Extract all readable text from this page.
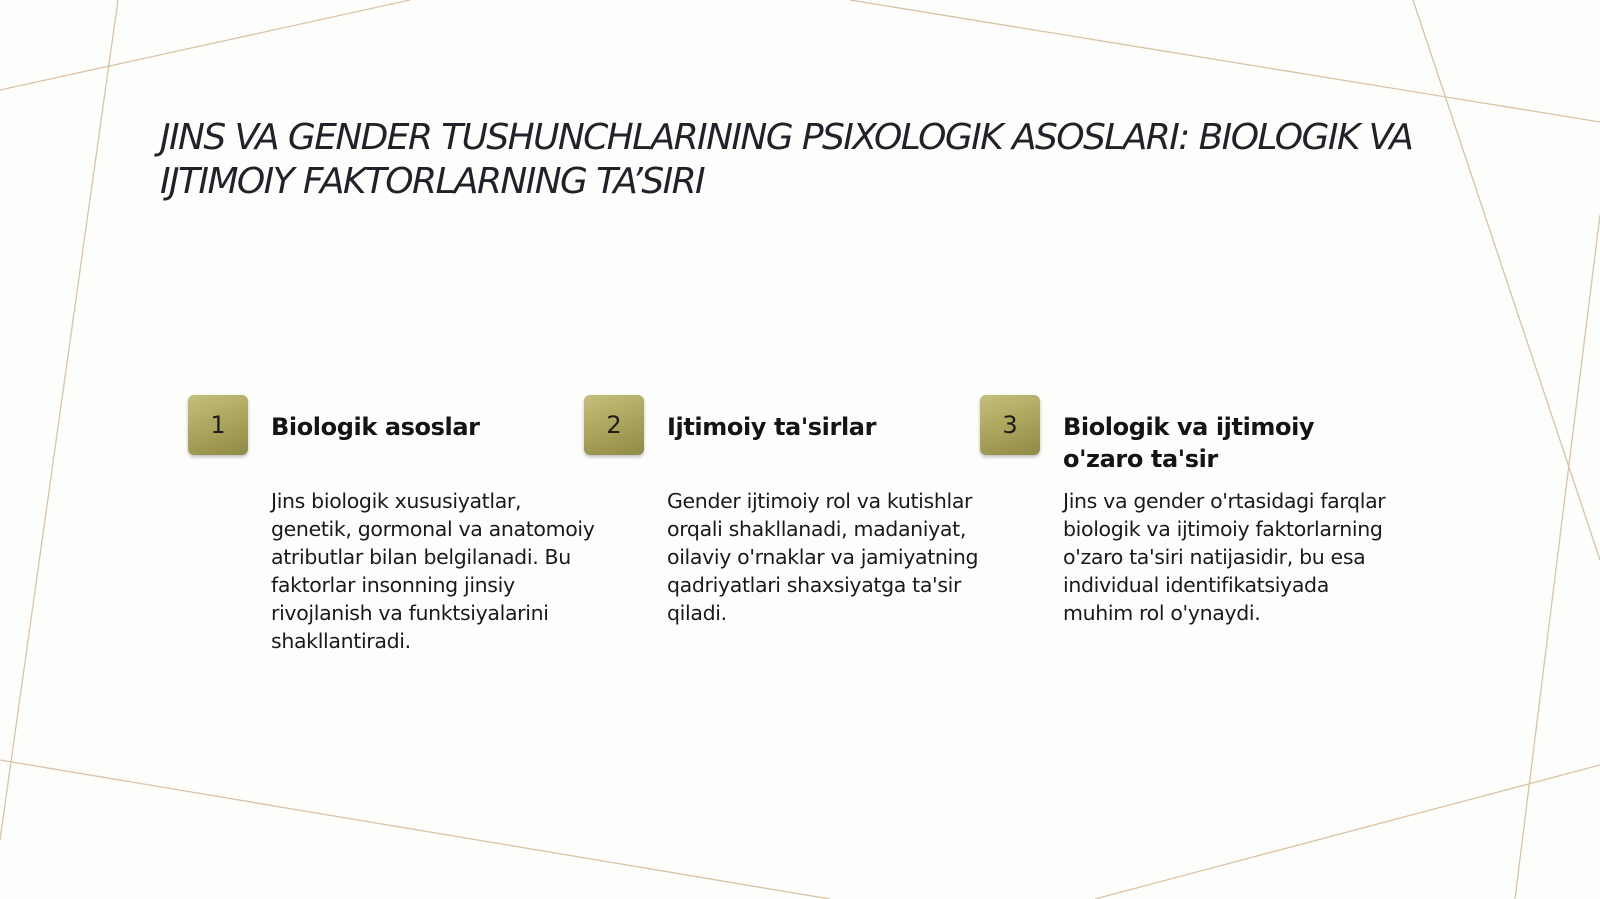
JINS VA GENDER TUSHUNCHLARINING PSIXOLOGIK ASOSLARI: BIOLOGIK VA IJTIMOIY FAKTORLARNING TA’SIRI
1	Biologik asoslar

Jins biologik xususiyatlar, genetik, gormonal va anatomoiy atributlar bilan belgilanadi. Bu faktorlar insonning jinsiy rivojlanish va funktsiyalarini shakllantiradi.

2	Ijtimoiy ta'sirlar

Gender ijtimoiy rol va kutishlar orqali shakllanadi, madaniyat, oilaviy o'rnaklar va jamiyatning qadriyatlari shaxsiyatga ta'sir qiladi.

3	Biologik va ijtimoiy o'zaro ta'sir

Jins va gender o'rtasidagi farqlar biologik va ijtimoiy faktorlarning o'zaro ta'siri natijasidir, bu esa individual identifikatsiyada muhim rol o'ynaydi.
